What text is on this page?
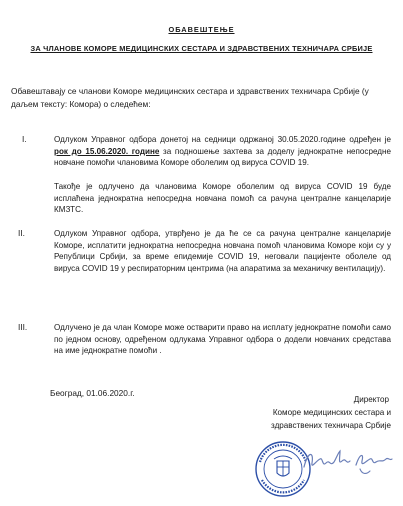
ОБАВЕШТЕЊЕ
ЗА ЧЛАНОВЕ КОМОРЕ МЕДИЦИНСКИХ СЕСТАРА И ЗДРАВСТВЕНИХ ТЕХНИЧАРА СРБИЈЕ
Обавештавају се чланови Коморе медицинских сестара и здравствених техничара Србије (у даљем тексту: Комора) о следећем:
I.	Одлуком Управног одбора донетој на седници одржаној 30.05.2020.године одређен је рок до 15.06.2020. године за подношење захтева за доделу једнократне непосредне новчане помоћи члановима Коморе оболелим од вируса COVID 19.
Такође је одлучено да члановима Коморе оболелим од вируса COVID 19 буде исплаћена једнократна непосредна новчана помоћ са рачуна централне канцеларије КМЗТС.
II.	Одлуком Управног одбора, утврђено је да ће се са рачуна централне канцеларије Коморе, исплатити једнократна непосредна новчана помоћ члановима Коморе који су у Републици Србији, за време епидемије COVID 19, неговали пацијенте оболеле од вируса COVID 19 у респираторним центрима (на апаратима за механичку вентилацију).
III.	Одлучено је да члан Коморе може остварити право на исплату једнократне помоћи само по једном основу, одређеном одлукама Управног одбора о додели новчаних средстава на име једнократне помоћи .
Београд, 01.06.2020.г.
Директор
Коморе медицинских сестара и
здравствених техничара Србије
